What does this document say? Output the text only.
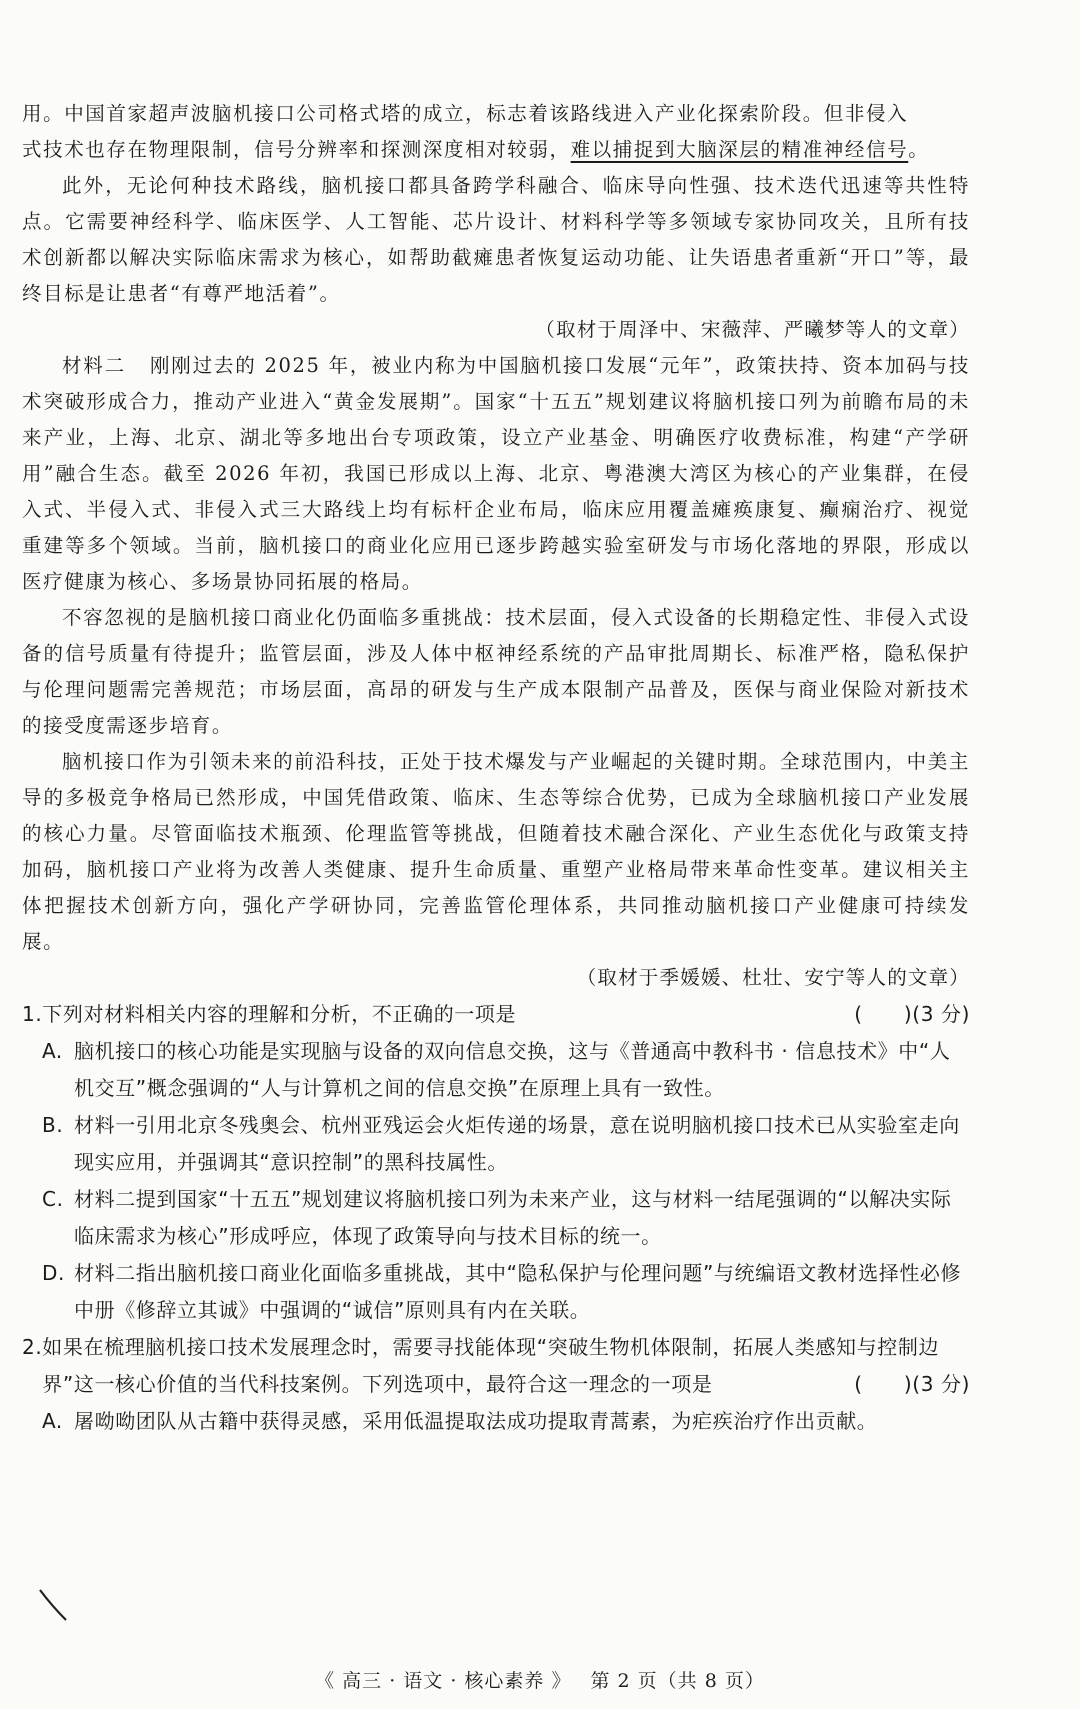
用。中国首家超声波脑机接口公司格式塔的成立，标志着该路线进入产业化探索阶段。但非侵入

式技术也存在物理限制，信号分辨率和探测深度相对较弱，难以捕捉到大脑深层的精准神经信号。

此外，无论何种技术路线，脑机接口都具备跨学科融合、临床导向性强、技术迭代迅速等共性特点。它需要神经科学、临床医学、人工智能、芯片设计、材料科学等多领域专家协同攻关，且所有技术创新都以解决实际临床需求为核心，如帮助截瘫患者恢复运动功能、让失语患者重新“开口”等，最终目标是让患者“有尊严地活着”。

（取材于周泽中、宋薇萍、严曦梦等人的文章）

材料二 刚刚过去的 2025 年，被业内称为中国脑机接口发展“元年”，政策扶持、资本加码与技术突破形成合力，推动产业进入“黄金发展期”。国家“十五五”规划建议将脑机接口列为前瞻布局的未来产业，上海、北京、湖北等多地出台专项政策，设立产业基金、明确医疗收费标准，构建“产学研用”融合生态。截至 2026 年初，我国已形成以上海、北京、粤港澳大湾区为核心的产业集群，在侵入式、半侵入式、非侵入式三大路线上均有标杆企业布局，临床应用覆盖瘫痪康复、癫痫治疗、视觉重建等多个领域。当前，脑机接口的商业化应用已逐步跨越实验室研发与市场化落地的界限，形成以医疗健康为核心、多场景协同拓展的格局。

不容忽视的是脑机接口商业化仍面临多重挑战：技术层面，侵入式设备的长期稳定性、非侵入式设备的信号质量有待提升；监管层面，涉及人体中枢神经系统的产品审批周期长、标准严格，隐私保护与伦理问题需完善规范；市场层面，高昂的研发与生产成本限制产品普及，医保与商业保险对新技术的接受度需逐步培育。

脑机接口作为引领未来的前沿科技，正处于技术爆发与产业崛起的关键时期。全球范围内，中美主导的多极竞争格局已然形成，中国凭借政策、临床、生态等综合优势，已成为全球脑机接口产业发展的核心力量。尽管面临技术瓶颈、伦理监管等挑战，但随着技术融合深化、产业生态优化与政策支持加码，脑机接口产业将为改善人类健康、提升生命质量、重塑产业格局带来革命性变革。建议相关主体把握技术创新方向，强化产学研协同，完善监管伦理体系，共同推动脑机接口产业健康可持续发展。

（取材于季媛媛、杜壮、安宁等人的文章）

1. 下列对材料相关内容的理解和分析，不正确的一项是	(　　)(3 分)
A. 脑机接口的核心功能是实现脑与设备的双向信息交换，这与《普通高中教科书 · 信息技术》中“人机交互”概念强调的“人与计算机之间的信息交换”在原理上具有一致性。
B. 材料一引用北京冬残奥会、杭州亚残运会火炬传递的场景，意在说明脑机接口技术已从实验室走向现实应用，并强调其“意识控制”的黑科技属性。
C. 材料二提到国家“十五五”规划建议将脑机接口列为未来产业，这与材料一结尾强调的“以解决实际临床需求为核心”形成呼应，体现了政策导向与技术目标的统一。
D. 材料二指出脑机接口商业化面临多重挑战，其中“隐私保护与伦理问题”与统编语文教材选择性必修中册《修辞立其诚》中强调的“诚信”原则具有内在关联。
2. 如果在梳理脑机接口技术发展理念时，需要寻找能体现“突破生物机体限制，拓展人类感知与控制边界”这一核心价值的当代科技案例。下列选项中，最符合这一理念的一项是	(　　)(3 分)
A. 屠呦呦团队从古籍中获得灵感，采用低温提取法成功提取青蒿素，为疟疾治疗作出贡献。
《 高三 · 语文 · 核心素养 》 第 2 页（共 8 页）
